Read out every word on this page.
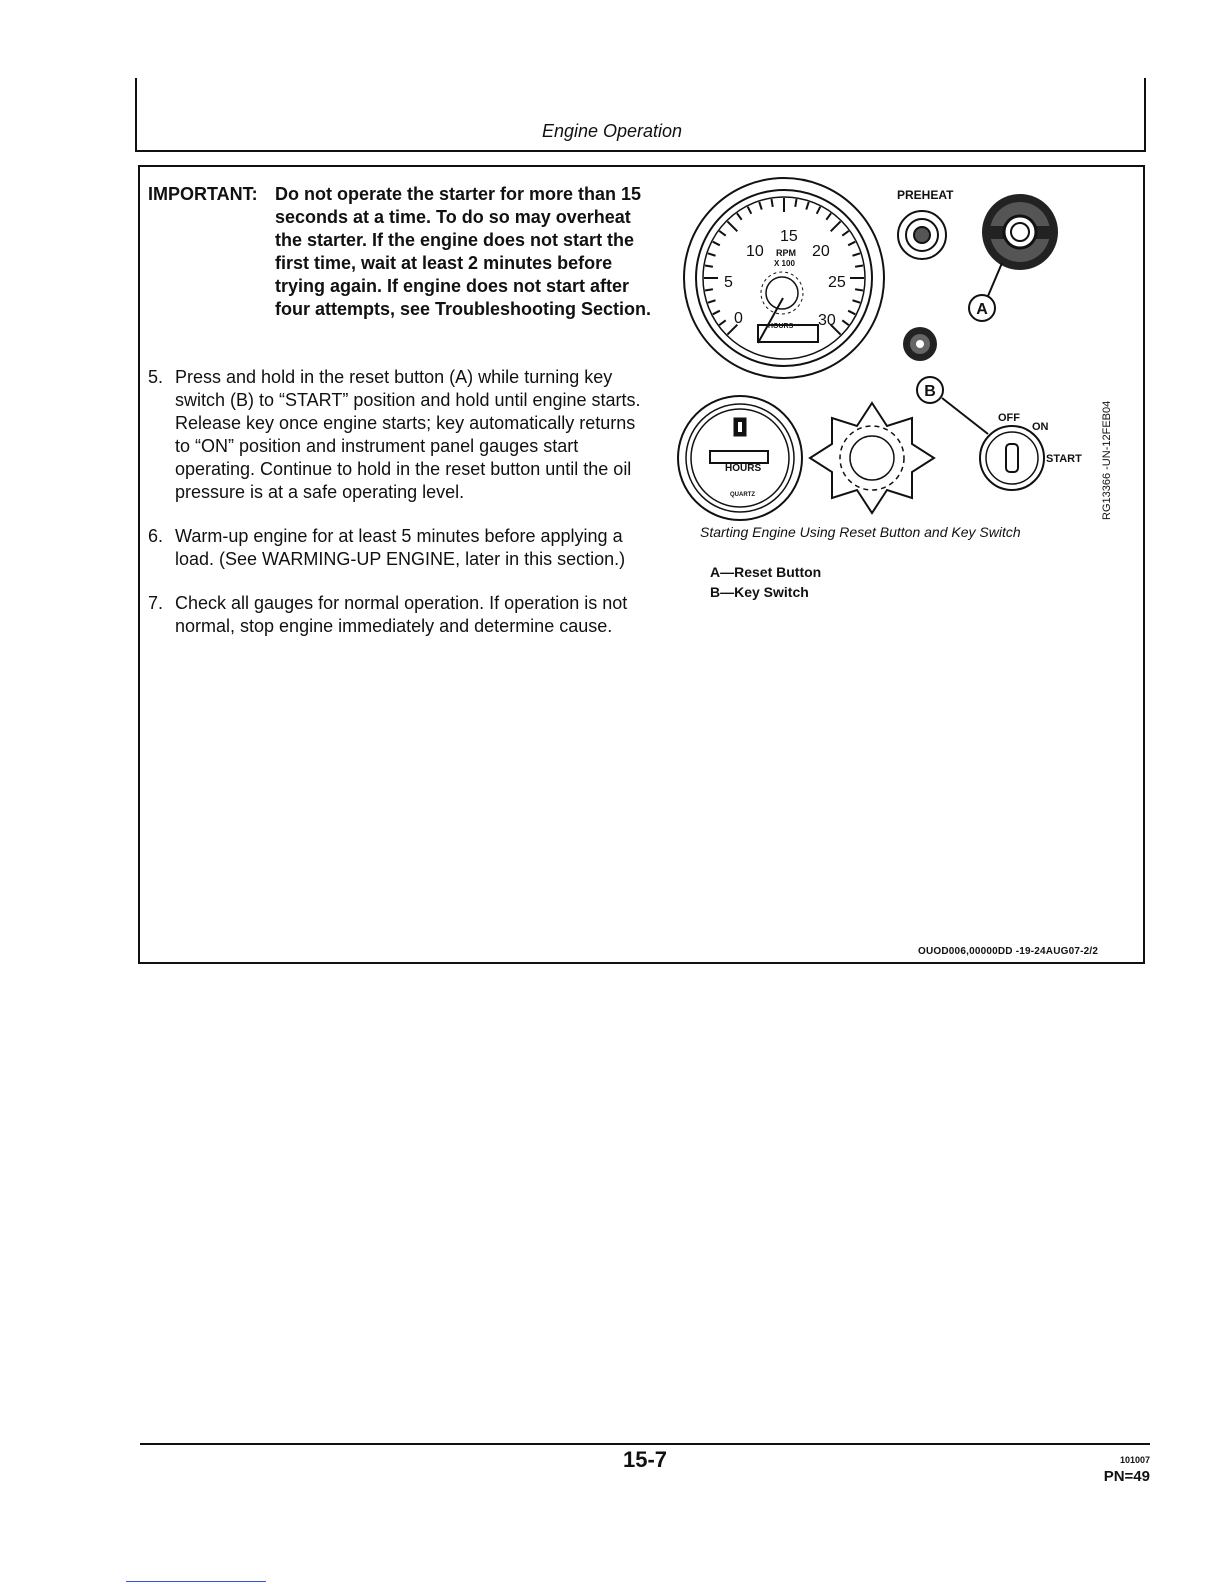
Engine Operation
IMPORTANT: Do not operate the starter for more than 15 seconds at a time. To do so may overheat the starter. If the engine does not start the first time, wait at least 2 minutes before trying again. If engine does not start after four attempts, see Troubleshooting Section.
5. Press and hold in the reset button (A) while turning key switch (B) to “START” position and hold until engine starts. Release key once engine starts; key automatically returns to “ON” position and instrument panel gauges start operating. Continue to hold in the reset button until the oil pressure is at a safe operating level.
6. Warm-up engine for at least 5 minutes before applying a load. (See WARMING-UP ENGINE, later in this section.)
7. Check all gauges for normal operation. If operation is not normal, stop engine immediately and determine cause.
0
5
10
15
20
25
30
RPM
X 100
HOURS
PREHEAT
A
HOURS
QUARTZ
B
OFF
ON
START RG13366 -UN-12FEB04
Starting Engine Using Reset Button and Key Switch
A—Reset Button
B—Key Switch
OUOD006,00000DD -19-24AUG07-2/2
15-7	101007
PN=49
